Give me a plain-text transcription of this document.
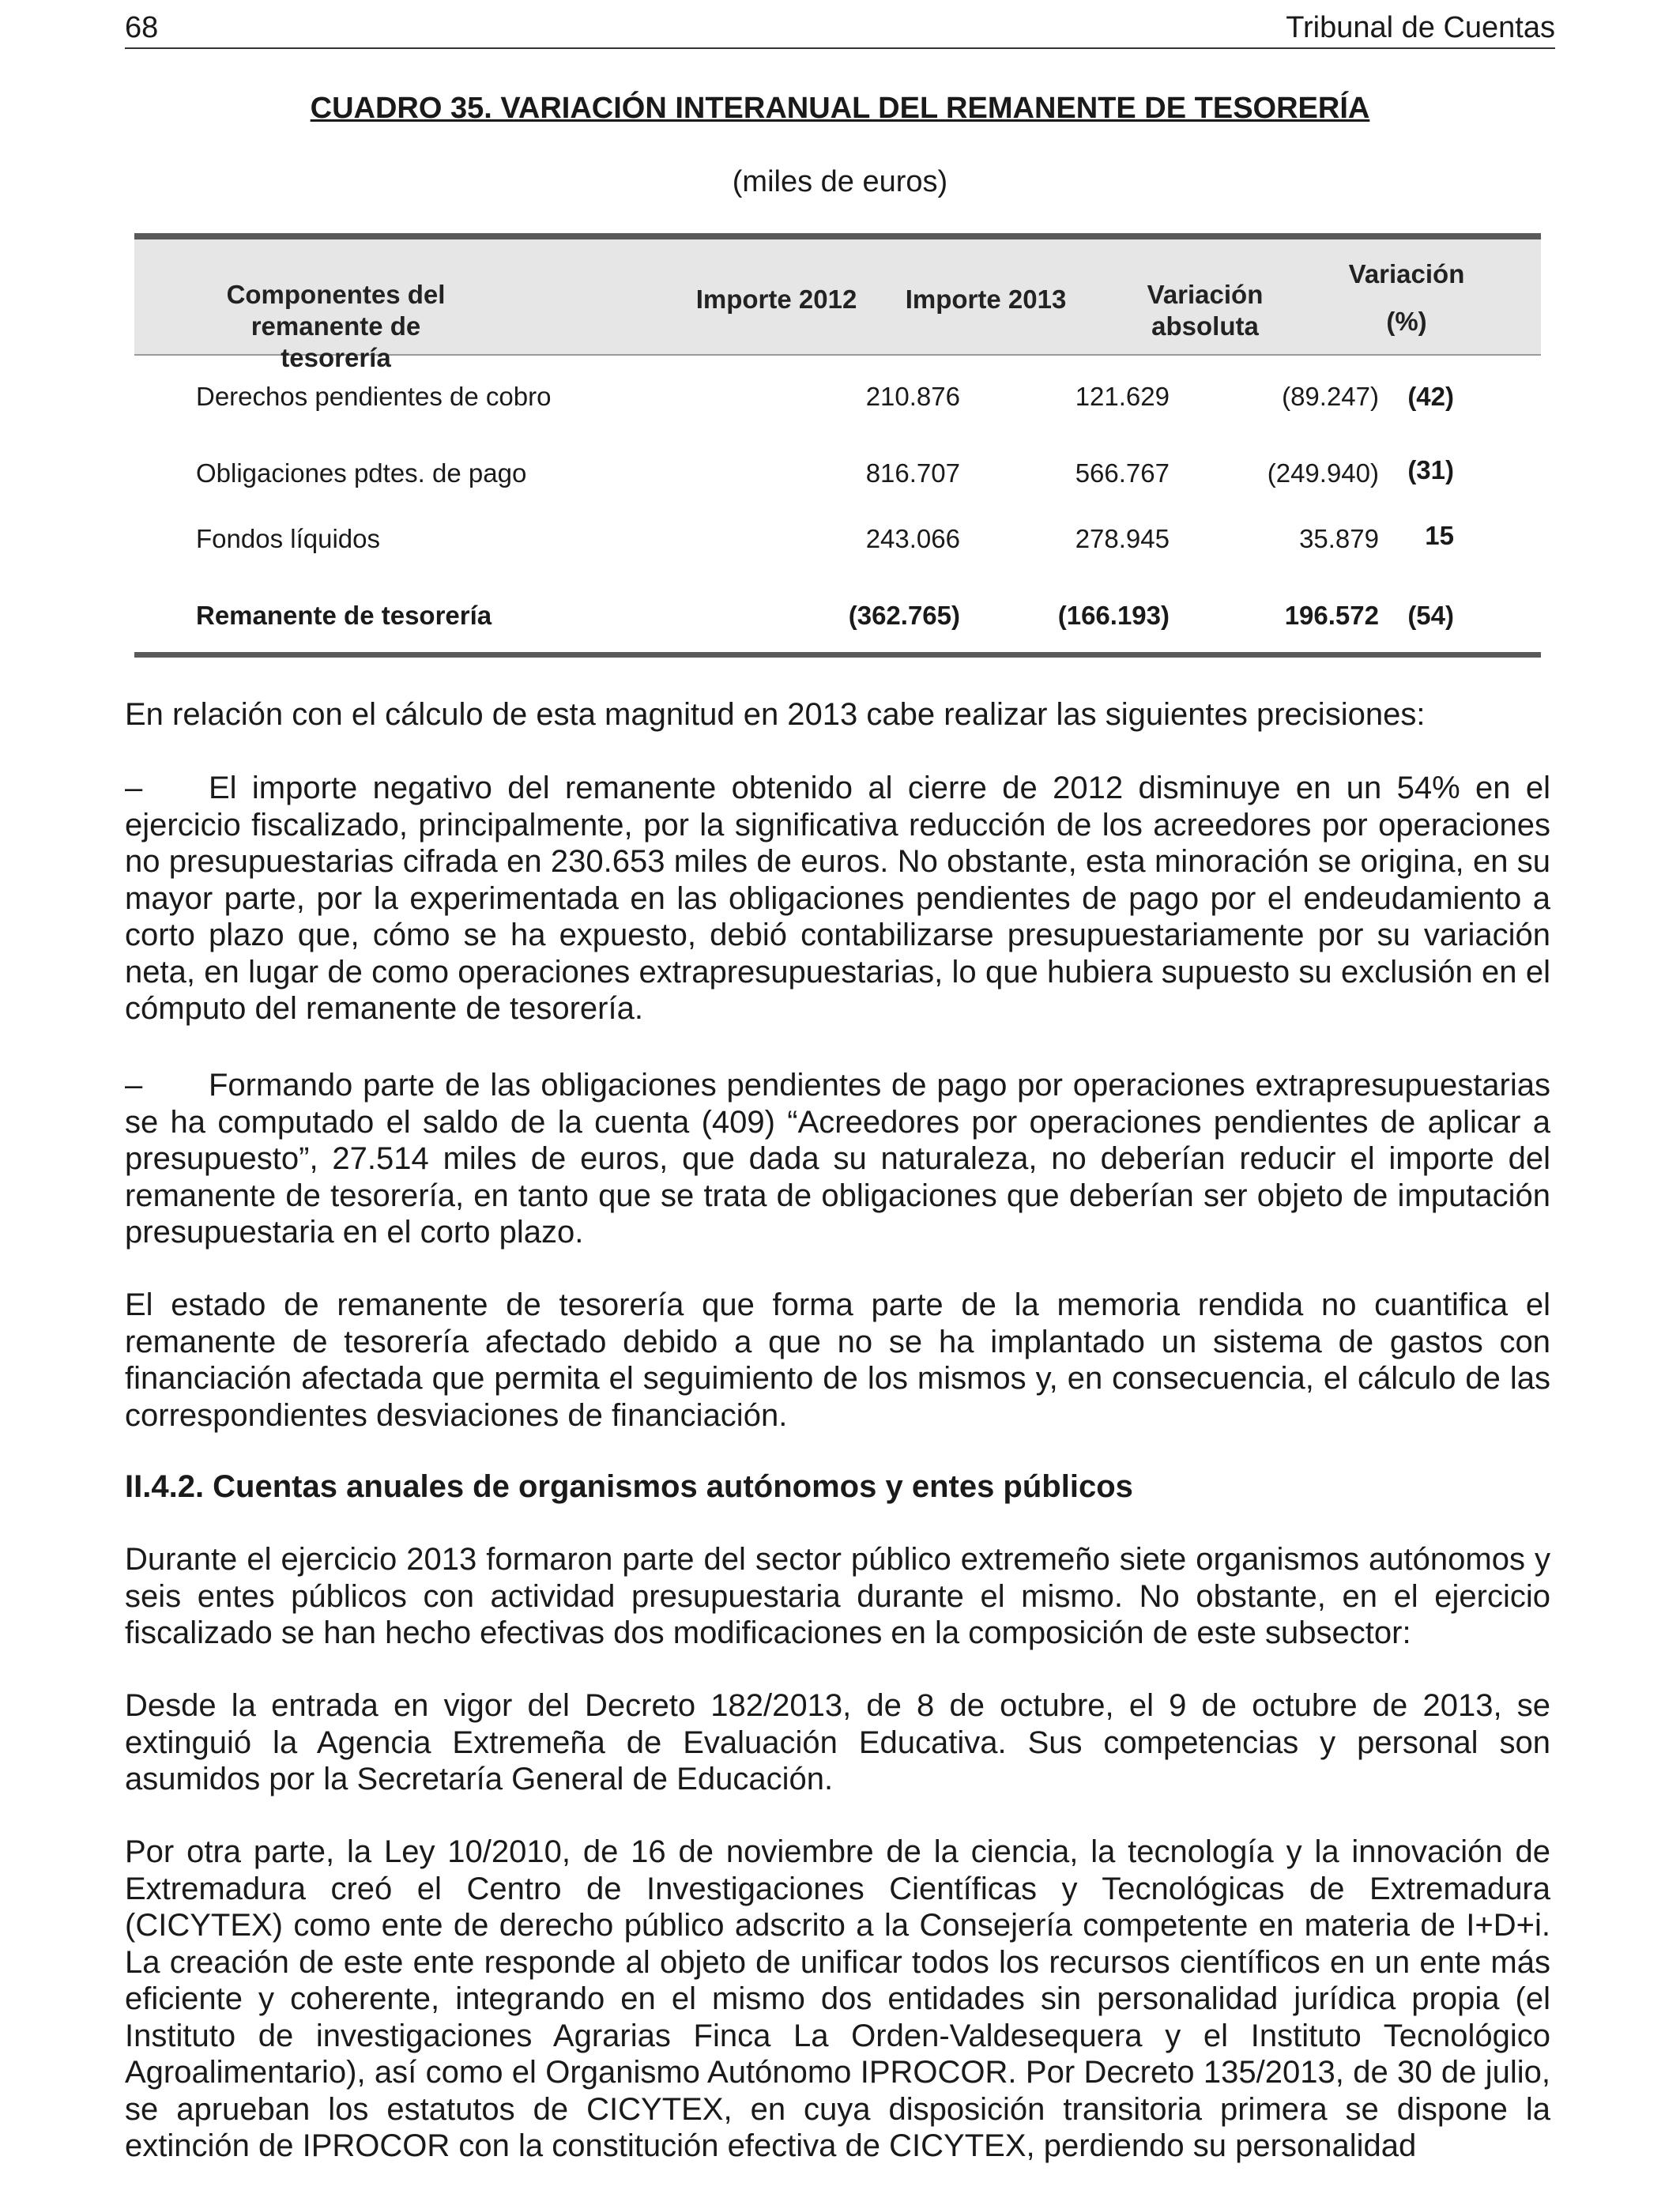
68	Tribunal de Cuentas
CUADRO 35. VARIACIÓN INTERANUAL DEL REMANENTE DE TESORERÍA
(miles de euros)
Componentes del remanente de
tesorería
Importe 2012	Importe 2013	Variación
absoluta
Variación
(%)
Derechos pendientes de cobro	210.876	121.629	(89.247) (42)
Obligaciones pdtes. de pago	816.707	566.767	(249.940) (31)
Fondos líquidos	243.066	278.945	35.879 15
Remanente de tesorería	(362.765)	(166.193)	196.572 (54)
En relación con el cálculo de esta magnitud en 2013 cabe realizar las siguientes precisiones:
– El importe negativo del remanente obtenido al cierre de 2012 disminuye en un 54% en el ejercicio fiscalizado, principalmente, por la significativa reducción de los acreedores por operaciones no presupuestarias cifrada en 230.653 miles de euros. No obstante, esta minoración se origina, en su mayor parte, por la experimentada en las obligaciones pendientes de pago por el endeudamiento a corto plazo que, cómo se ha expuesto, debió contabilizarse presupuestariamente por su variación neta, en lugar de como operaciones extrapresupuestarias, lo que hubiera supuesto su exclusión en el cómputo del remanente de tesorería.
– Formando parte de las obligaciones pendientes de pago por operaciones extrapresupuestarias se ha computado el saldo de la cuenta (409) “Acreedores por operaciones pendientes de aplicar a presupuesto”, 27.514 miles de euros, que dada su naturaleza, no deberían reducir el importe del remanente de tesorería, en tanto que se trata de obligaciones que deberían ser objeto de imputación presupuestaria en el corto plazo.
El estado de remanente de tesorería que forma parte de la memoria rendida no cuantifica el remanente de tesorería afectado debido a que no se ha implantado un sistema de gastos con financiación afectada que permita el seguimiento de los mismos y, en consecuencia, el cálculo de las correspondientes desviaciones de financiación.
II.4.2. Cuentas anuales de organismos autónomos y entes públicos
Durante el ejercicio 2013 formaron parte del sector público extremeño siete organismos autónomos y seis entes públicos con actividad presupuestaria durante el mismo. No obstante, en el ejercicio fiscalizado se han hecho efectivas dos modificaciones en la composición de este subsector:
Desde la entrada en vigor del Decreto 182/2013, de 8 de octubre, el 9 de octubre de 2013, se extinguió la Agencia Extremeña de Evaluación Educativa. Sus competencias y personal son asumidos por la Secretaría General de Educación.
Por otra parte, la Ley 10/2010, de 16 de noviembre de la ciencia, la tecnología y la innovación de Extremadura creó el Centro de Investigaciones Científicas y Tecnológicas de Extremadura (CICYTEX) como ente de derecho público adscrito a la Consejería competente en materia de I+D+i. La creación de este ente responde al objeto de unificar todos los recursos científicos en un ente más eficiente y coherente, integrando en el mismo dos entidades sin personalidad jurídica propia (el Instituto de investigaciones Agrarias Finca La Orden-Valdesequera y el Instituto Tecnológico Agroalimentario), así como el Organismo Autónomo IPROCOR. Por Decreto 135/2013, de 30 de julio, se aprueban los estatutos de CICYTEX, en cuya disposición transitoria primera se dispone la extinción de IPROCOR con la constitución efectiva de CICYTEX, perdiendo su personalidad
